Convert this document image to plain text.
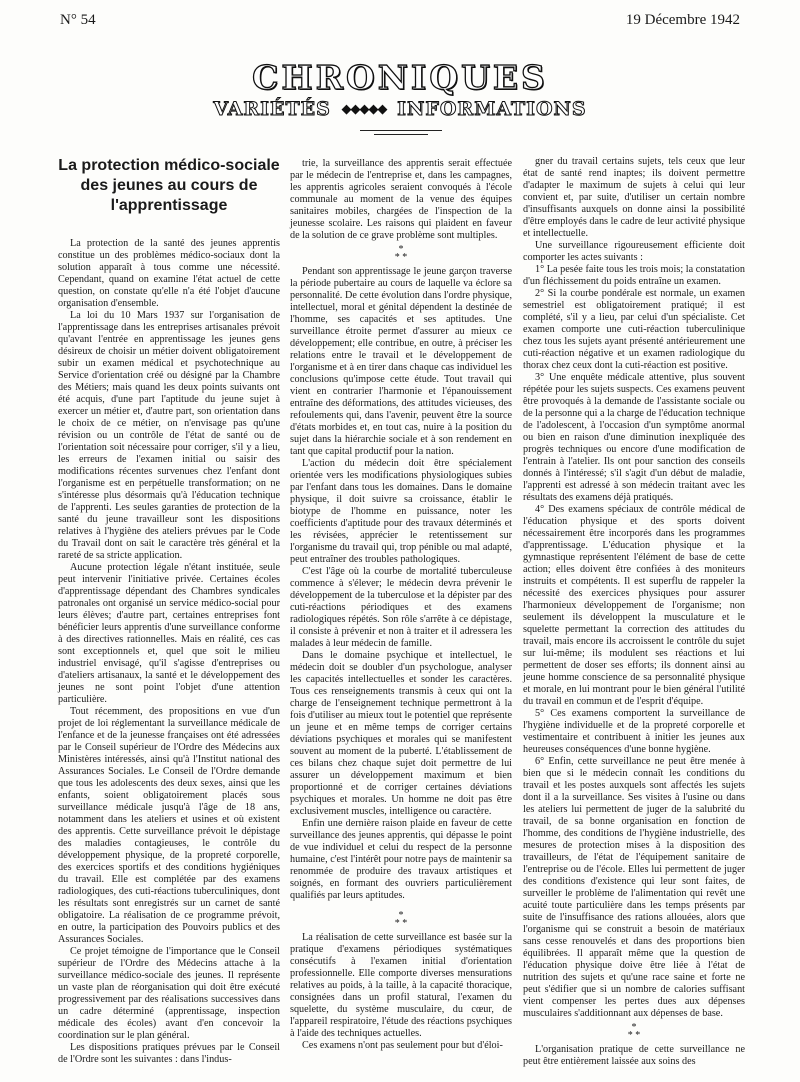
N° 54	19 Décembre 1942
CHRONIQUES
VARIÉTÉS ◆◆◆◆◆ INFORMATIONS
La protection médico-sociale des jeunes au cours de l'apprentissage

La protection de la santé des jeunes apprentis constitue un des problèmes médico-sociaux dont la solution apparaît à tous comme une nécessité. Cependant, quand on examine l'état actuel de cette question, on constate qu'elle n'a été l'objet d'aucune organisation d'ensemble.

La loi du 10 Mars 1937 sur l'organisation de l'apprentissage dans les entreprises artisanales prévoit qu'avant l'entrée en apprentissage les jeunes gens désireux de choisir un métier doivent obligatoirement subir un examen médical et psychotechnique au Service d'orientation créé ou désigné par la Chambre des Métiers; mais quand les deux points suivants ont été acquis, d'une part l'aptitude du jeune sujet à exercer un métier et, d'autre part, son orientation dans le choix de ce métier, on n'envisage pas qu'une révision ou un contrôle de l'état de santé ou de l'orientation soit nécessaire pour corriger, s'il y a lieu, les erreurs de l'examen initial ou saisir des modifications récentes survenues chez l'enfant dont l'organisme est en perpétuelle transformation; on ne s'intéresse plus désormais qu'à l'éducation technique de l'apprenti. Les seules garanties de protection de la santé du jeune travailleur sont les dispositions relatives à l'hygiène des ateliers prévues par le Code du Travail dont on sait le caractère très général et la rareté de sa stricte application.

Aucune protection légale n'étant instituée, seule peut intervenir l'initiative privée. Certaines écoles d'apprentissage dépendant des Chambres syndicales patronales ont organisé un service médico-social pour leurs élèves; d'autre part, certaines entreprises font bénéficier leurs apprentis d'une surveillance conforme à des directives rationnelles. Mais en réalité, ces cas sont exceptionnels et, quel que soit le milieu industriel envisagé, qu'il s'agisse d'entreprises ou d'ateliers artisanaux, la santé et le développement des jeunes ne sont point l'objet d'une attention particulière.

Tout récemment, des propositions en vue d'un projet de loi réglementant la surveillance médicale de l'enfance et de la jeunesse françaises ont été adressées par le Conseil supérieur de l'Ordre des Médecins aux Ministères intéressés, ainsi qu'à l'Institut national des Assurances Sociales. Le Conseil de l'Ordre demande que tous les adolescents des deux sexes, ainsi que les enfants, soient obligatoirement placés sous surveillance médicale jusqu'à l'âge de 18 ans, notamment dans les ateliers et usines et où existent des apprentis. Cette surveillance prévoit le dépistage des maladies contagieuses, le contrôle du développement physique, de la propreté corporelle, des exercices sportifs et des conditions hygiéniques du travail. Elle est complétée par des examens radiologiques, des cuti-réactions tuberculiniques, dont les résultats sont enregistrés sur un carnet de santé obligatoire. La réalisation de ce programme prévoit, en outre, la participation des Pouvoirs publics et des Assurances Sociales.

Ce projet témoigne de l'importance que le Conseil supérieur de l'Ordre des Médecins attache à la surveillance médico-sociale des jeunes. Il représente un vaste plan de réorganisation qui doit être exécuté progressivement par des réalisations successives dans un cadre déterminé (apprentissage, inspection médicale des écoles) avant d'en concevoir la coordination sur le plan général.

Les dispositions pratiques prévues par le Conseil de l'Ordre sont les suivantes : dans l'indus-

trie, la surveillance des apprentis serait effectuée par le médecin de l'entreprise et, dans les campagnes, les apprentis agricoles seraient convoqués à l'école communale au moment de la venue des équipes sanitaires mobiles, chargées de l'inspection de la jeunesse scolaire. Les raisons qui plaident en faveur de la solution de ce grave problème sont multiples.

*
* *

Pendant son apprentissage le jeune garçon traverse la période pubertaire au cours de laquelle va éclore sa personnalité. De cette évolution dans l'ordre physique, intellectuel, moral et génital dépendent la destinée de l'homme, ses capacités et ses aptitudes. Une surveillance étroite permet d'assurer au mieux ce développement; elle contribue, en outre, à préciser les relations entre le travail et le développement de l'organisme et à en tirer dans chaque cas individuel les conclusions qu'impose cette étude. Tout travail qui vient en contrarier l'harmonie et l'épanouissement entraîne des déformations, des attitudes vicieuses, des refoulements qui, dans l'avenir, peuvent être la source d'états morbides et, en tout cas, nuire à la position du sujet dans la hiérarchie sociale et à son rendement en tant que capital productif pour la nation.

L'action du médecin doit être spécialement orientée vers les modifications physiologiques subies par l'enfant dans tous les domaines. Dans le domaine physique, il doit suivre sa croissance, établir le biotype de l'homme en puissance, noter les coefficients d'aptitude pour des travaux déterminés et les révisées, apprécier le retentissement sur l'organisme du travail qui, trop pénible ou mal adapté, peut entraîner des troubles pathologiques.

C'est l'âge où la courbe de mortalité tuberculeuse commence à s'élever; le médecin devra prévenir le développement de la tuberculose et la dépister par des cuti-réactions périodiques et des examens radiologiques répétés. Son rôle s'arrête à ce dépistage, il consiste à prévenir et non à traiter et il adressera les malades à leur médecin de famille.

Dans le domaine psychique et intellectuel, le médecin doit se doubler d'un psychologue, analyser les capacités intellectuelles et sonder les caractères. Tous ces renseignements transmis à ceux qui ont la charge de l'enseignement technique permettront à la fois d'utiliser au mieux tout le potentiel que représente un jeune et en même temps de corriger certains déviations psychiques et morales qui se manifestent souvent au moment de la puberté. L'établissement de ces bilans chez chaque sujet doit permettre de lui assurer un développement maximum et bien proportionné et de corriger certaines déviations psychiques et morales. Un homme ne doit pas être exclusivement muscles, intelligence ou caractère.

Enfin une dernière raison plaide en faveur de cette surveillance des jeunes apprentis, qui dépasse le point de vue individuel et celui du respect de la personne humaine, c'est l'intérêt pour notre pays de maintenir sa renommée de produire des travaux artistiques et soignés, en formant des ouvriers particulièrement qualifiés par leurs aptitudes.

*
* *

La réalisation de cette surveillance est basée sur la pratique d'examens périodiques systématiques consécutifs à l'examen initial d'orientation professionnelle. Elle comporte diverses mensurations relatives au poids, à la taille, à la capacité thoracique, consignées dans un profil statural, l'examen du squelette, du système musculaire, du cœur, de l'appareil respiratoire, l'étude des réactions psychiques à l'aide des techniques actuelles.

Ces examens n'ont pas seulement pour but d'éloi-

gner du travail certains sujets, tels ceux que leur état de santé rend inaptes; ils doivent permettre d'adapter le maximum de sujets à celui qui leur convient et, par suite, d'utiliser un certain nombre d'insuffisants auxquels on donne ainsi la possibilité d'être employés dans le cadre de leur activité physique et intellectuelle.

Une surveillance rigoureusement efficiente doit comporter les actes suivants :

1° La pesée faite tous les trois mois; la constatation d'un fléchissement du poids entraîne un examen.

2° Si la courbe pondérale est normale, un examen semestriel est obligatoirement pratiqué; il est complété, s'il y a lieu, par celui d'un spécialiste. Cet examen comporte une cuti-réaction tuberculinique chez tous les sujets ayant présenté antérieurement une cuti-réaction négative et un examen radiologique du thorax chez ceux dont la cuti-réaction est positive.

3° Une enquête médicale attentive, plus souvent répétée pour les sujets suspects. Ces examens peuvent être provoqués à la demande de l'assistante sociale ou de la personne qui a la charge de l'éducation technique de l'adolescent, à l'occasion d'un symptôme anormal ou bien en raison d'une diminution inexpliquée des progrès techniques ou encore d'une modification de l'entrain à l'atelier. Ils ont pour sanction des conseils donnés à l'intéressé; s'il s'agit d'un début de maladie, l'apprenti est adressé à son médecin traitant avec les résultats des examens déjà pratiqués.

4° Des examens spéciaux de contrôle médical de l'éducation physique et des sports doivent nécessairement être incorporés dans les programmes d'apprentissage. L'éducation physique et la gymnastique représentent l'élément de base de cette action; elles doivent être confiées à des moniteurs instruits et compétents. Il est superflu de rappeler la nécessité des exercices physiques pour assurer l'harmonieux développement de l'organisme; non seulement ils développent la musculature et le squelette permettant la correction des attitudes du travail, mais encore ils accroissent le contrôle du sujet sur lui-même; ils modulent ses réactions et lui permettent de doser ses efforts; ils donnent ainsi au jeune homme conscience de sa personnalité physique et morale, en lui montrant pour le bien général l'utilité du travail en commun et de l'esprit d'équipe.

5° Ces examens comportent la surveillance de l'hygiène individuelle et de la propreté corporelle et vestimentaire et contribuent à initier les jeunes aux heureuses conséquences d'une bonne hygiène.

6° Enfin, cette surveillance ne peut être menée à bien que si le médecin connaît les conditions du travail et les postes auxquels sont affectés les sujets dont il a la surveillance. Ses visites à l'usine ou dans les ateliers lui permettent de juger de la salubrité du travail, de sa bonne organisation en fonction de l'homme, des conditions de l'hygiène industrielle, des mesures de protection mises à la disposition des travailleurs, de l'état de l'équipement sanitaire de l'entreprise ou de l'école. Elles lui permettent de juger des conditions d'existence qui leur sont faites, de surveiller le problème de l'alimentation qui revêt une acuité toute particulière dans les temps présents par suite de l'insuffisance des rations allouées, alors que l'organisme qui se construit a besoin de matériaux sans cesse renouvelés et dans des proportions bien équilibrées. Il apparaît même que la question de l'éducation physique doive être liée à l'état de nutrition des sujets et qu'une race saine et forte ne peut s'édifier que si un nombre de calories suffisant vient compenser les pertes dues aux dépenses musculaires s'additionnant aux dépenses de base.

*
* *

L'organisation pratique de cette surveillance ne peut être entièrement laissée aux soins des
